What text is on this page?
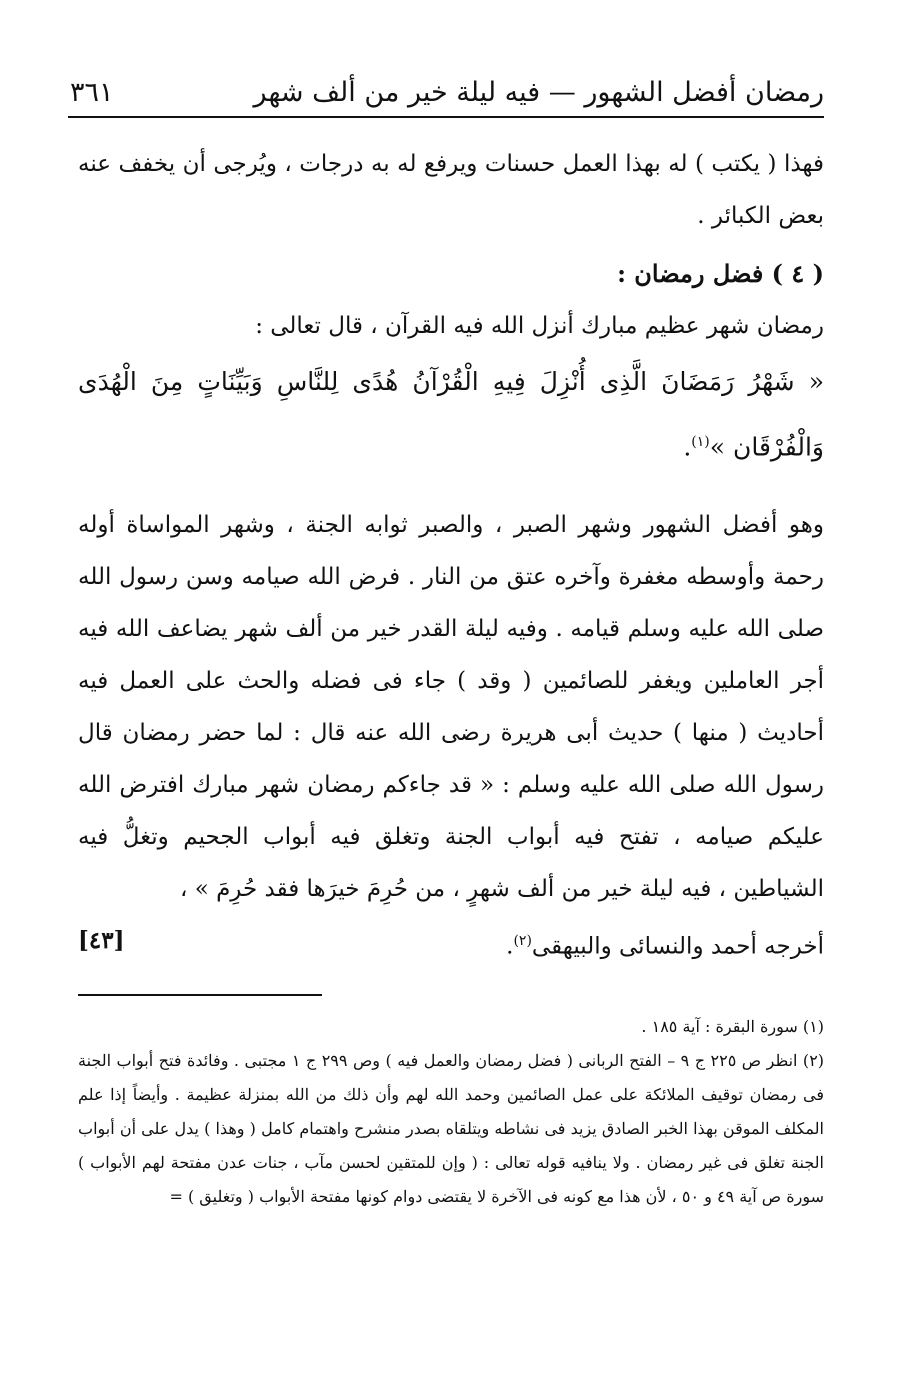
رمضان أفضل الشهور — فيه ليلة خير من ألف شهر
٣٦١

فهذا ( يكتب ) له بهذا العمل حسنات ويرفع له به درجات ، ويُرجى أن يخفف عنه بعض الكبائر .

( ٤ ) فضل رمضان :

رمضان شهر عظيم مبارك أنزل الله فيه القرآن ، قال تعالى :

« شَهْرُ رَمَضَانَ الَّذِى أُنْزِلَ فِيهِ الْقُرْآنُ هُدًى لِلنَّاسِ وَبَيِّنَاتٍ مِنَ الْهُدَى وَالْفُرْقَان »$^{(١)}$.

وهو أفضل الشهور وشهر الصبر ، والصبر ثوابه الجنة ، وشهر المواساة أوله رحمة وأوسطه مغفرة وآخره عتق من النار . فرض الله صيامه وسن رسول الله صلى الله عليه وسلم قيامه . وفيه ليلة القدر خير من ألف شهر يضاعف الله فيه أجر العاملين ويغفر للصائمين ( وقد ) جاء فى فضله والحث على العمل فيه أحاديث ( منها ) حديث أبى هريرة رضى الله عنه قال : لما حضر رمضان قال رسول الله صلى الله عليه وسلم : « قد جاءكم رمضان شهر مبارك افترض الله عليكم صيامه ، تفتح فيه أبواب الجنة وتغلق فيه أبواب الجحيم وتغلُّ فيه الشياطين ، فيه ليلة خير من ألف شهرٍ ، من حُرِمَ خيرَها فقد حُرِمَ » ،

أخرجه أحمد والنسائى والبيهقى$^{(٢)}$.
[٤٣]

(١) سورة البقرة : آية ١٨٥ .

(٢) انظر ص ٢٢٥ ج ٩ – الفتح الربانى ( فضل رمضان والعمل فيه ) وص ٢٩٩ ج ١ مجتبى . وفائدة فتح أبواب الجنة فى رمضان توقيف الملائكة على عمل الصائمين وحمد الله لهم وأن ذلك من الله بمنزلة عظيمة . وأيضاً إذا علم المكلف الموقن بهذا الخبر الصادق يزيد فى نشاطه ويتلقاه بصدر منشرح واهتمام كامل ( وهذا ) يدل على أن أبواب الجنة تغلق فى غير رمضان . ولا ينافيه قوله تعالى : ( وإن للمتقين لحسن مآب ، جنات عدن مفتحة لهم الأبواب ) سورة ص آية ٤٩ و ٥٠ ، لأن هذا مع كونه فى الآخرة لا يقتضى دوام كونها مفتحة الأبواب ( وتغليق ) =
